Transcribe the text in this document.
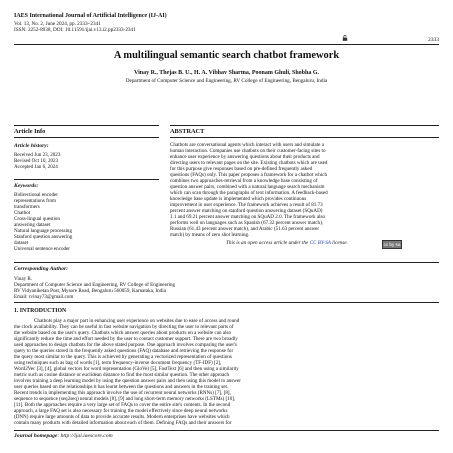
IAES International Journal of Artificial Intelligence (IJ-AI)
Vol. 13, No. 2, June 2024, pp. 2333~2341
ISSN: 2252-8938, DOI: 10.11591/ijai.v13.i2.pp2333-2341
2333
A multilingual semantic search chatbot framework
Vinay R., Thejas B. U., H. A. Vibhav Sharma, Poonam Ghuli, Shobha G.
Department of Computer Science and Engineering, RV College of Engineering, Bengaluru, India
Article Info	ABSTRACT
Article history:
Received Jun 23, 2023
Revised Oct 10, 2023
Accepted Jan 6, 2024
Keywords:
Bidirectional encoder
representations from
transformers
Chatbot
Cross-lingual question
answering dataset
Natural language processing
Stanford question answering
dataset
Universal sentence encoder
Chatbots are conversational agents which interact with users and simulate a
human interaction. Companies use chatbots on their customer-facing sites to
enhance user experience by answering questions about their products and
directing users to relevant pages on the site. Existing chatbots which are used
for this purpose give responses based on pre-defined frequently asked
questions (FAQs) only. This paper proposes a framework for a chatbot which
combines two approaches-retrieval from a knowledge base consisting of
question answer pairs, combined with a natural language search mechanism
which can scan through the paragraphs of text information. A feedback-based
knowledge base update is implemented which provides continuous
improvement in user experience. The framework achieves a result of 81.73
percent answer matching on stanford question answering dataset (SQuAD)
1.1 and 69.21 percent answer matching on SQuAD 2.0. The framework also
performs well on languages such as Spanish (67.32 percent answer match),
Russian (61.43 percent answer match), and Arabic (51.63 percent answer
match) by means of zero shot learning.
This is an open access article under the CC BY-SA license.	cc by sa
Corresponding Author:
Vinay R.
Department of Computer Science and Engineering, RV College of Engineering
RV Vidyaniketan Post, Mysore Road, Bengaluru 560059, Karnataka, India
Email: rvinay73@gmail.com
1. INTRODUCTION
Chatbots play a major part in enhancing user experience on websites due to ease of access and round
the clock availability. They can be useful in fast website navigation by directing the user to relevant parts of
the website based on the user's query. Chatbots which answer queries about products on a website can also
significantly reduce the time and effort needed by the user to contact customer support. There are two broadly
used approaches to design chatbots for the above stated purpose. One approach involves comparing the user's
query to the queries stored in the frequently asked questions (FAQ) database and retrieving the response for
the query most similar to the query. This is achieved by generating a vectorized representation of questions
using techniques such as bag of words [1], term frequency-inverse document frequency (TF-IDF) [2],
Word2Vec [3], [4], global vectors for word representation (GloVe) [5], FastText [6] and then using a similarity
metric such as cosine distance or euclidean distance to find the most similar question. The other approach
involves training a deep learning model by using the question answer pairs and then using this model to answer
user queries based on the relationships it has learnt between the questions and answers in the training set.
Recent trends in implementing this approach involve the use of recurrent neural networks (RNNs) [7], [8],
sequence to sequence (seq2seq) neural models [8], [9] and long short-term memory networks (LSTMs) [10],
[11]. Both the approaches require a very large set of FAQs to cover the entire site's contents. In the second
approach, a large FAQ set is also necessary for training the model effectively since deep neural networks
(DNN) require large amounts of data to provide accurate results. Modern enterprises have websites which
contain many products with detailed information about each of them. Defining FAQs and their answers for
Journal homepage: http://ijai.iaescore.com
